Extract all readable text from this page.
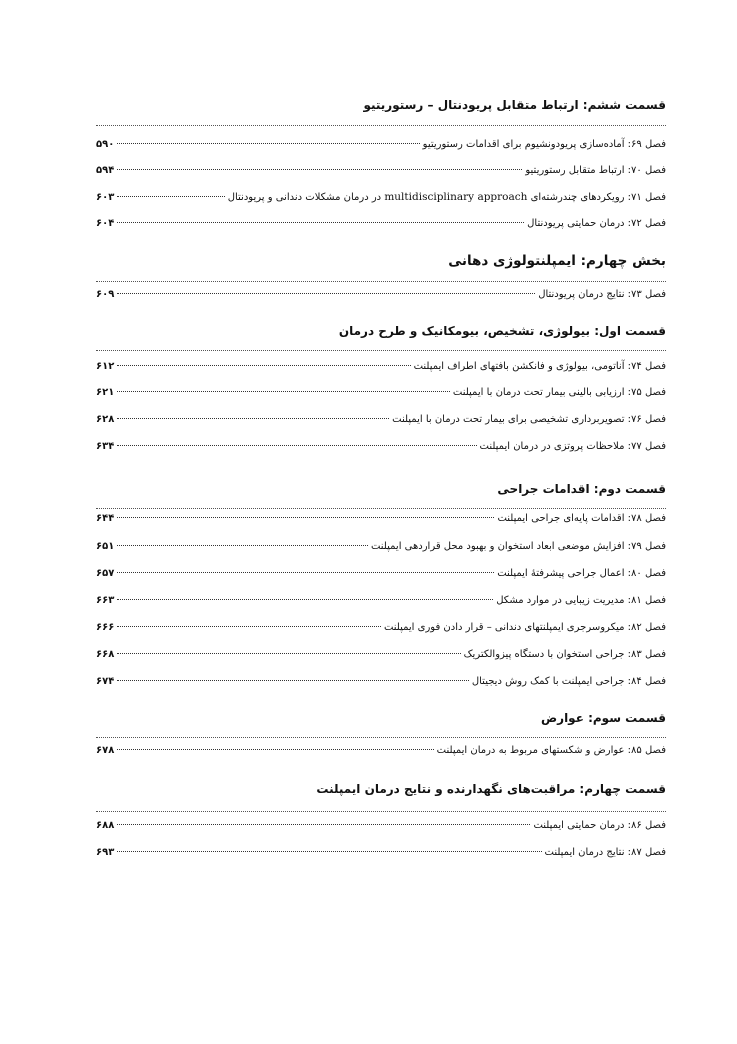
قسمت ششم: ارتباط متقابل پریودنتال – رستوریتیو
فصل ۶۹: آماده‌سازی پریودونشیوم برای اقدامات رستوریتیو
۵۹۰
فصل ۷۰: ارتباط متقابل رستوریتیو
۵۹۴
فصل ۷۱: رویکردهای چندرشته‌ای multidisciplinary approach در درمان مشکلات دندانی و پریودنتال
۶۰۳
فصل ۷۲: درمان حمایتی پریودنتال
۶۰۴
بخش چهارم: ایمپلنتولوژی دهانی
فصل ۷۳: نتایج درمان پریودنتال
۶۰۹
قسمت اول: بیولوژی، تشخیص، بیومکانیک و طرح درمان
فصل ۷۴: آناتومی، بیولوژی و فانکشن بافتهای اطراف ایمپلنت
۶۱۲
فصل ۷۵: ارزیابی بالینی بیمار تحت درمان با ایمپلنت
۶۲۱
فصل ۷۶: تصویربرداری تشخیصی برای بیمار تحت درمان با ایمپلنت
۶۲۸
فصل ۷۷: ملاحظات پروتزی در درمان ایمپلنت
۶۳۴
قسمت دوم: اقدامات جراحی
فصل ۷۸: اقدامات پایه‌ای جراحی ایمپلنت
۶۴۴
فصل ۷۹: افزایش موضعی ابعاد استخوان و بهبود محل قراردهی ایمپلنت
۶۵۱
فصل ۸۰: اعمال جراحی پیشرفتهٔ ایمپلنت
۶۵۷
فصل ۸۱: مدیریت زیبایی در موارد مشکل
۶۶۳
فصل ۸۲: میکروسرجری ایمپلنتهای دندانی – قرار دادن فوری ایمپلنت
۶۶۶
فصل ۸۳: جراحی استخوان با دستگاه پیزوالکتریک
۶۶۸
فصل ۸۴: جراحی ایمپلنت با کمک روش دیجیتال
۶۷۴
قسمت سوم: عوارض
فصل ۸۵: عوارض و شکستهای مربوط به درمان ایمپلنت
۶۷۸
قسمت چهارم: مراقبت‌های نگهدارنده و نتایج درمان ایمپلنت
فصل ۸۶: درمان حمایتی ایمپلنت
۶۸۸
فصل ۸۷: نتایج درمان ایمپلنت
۶۹۳
